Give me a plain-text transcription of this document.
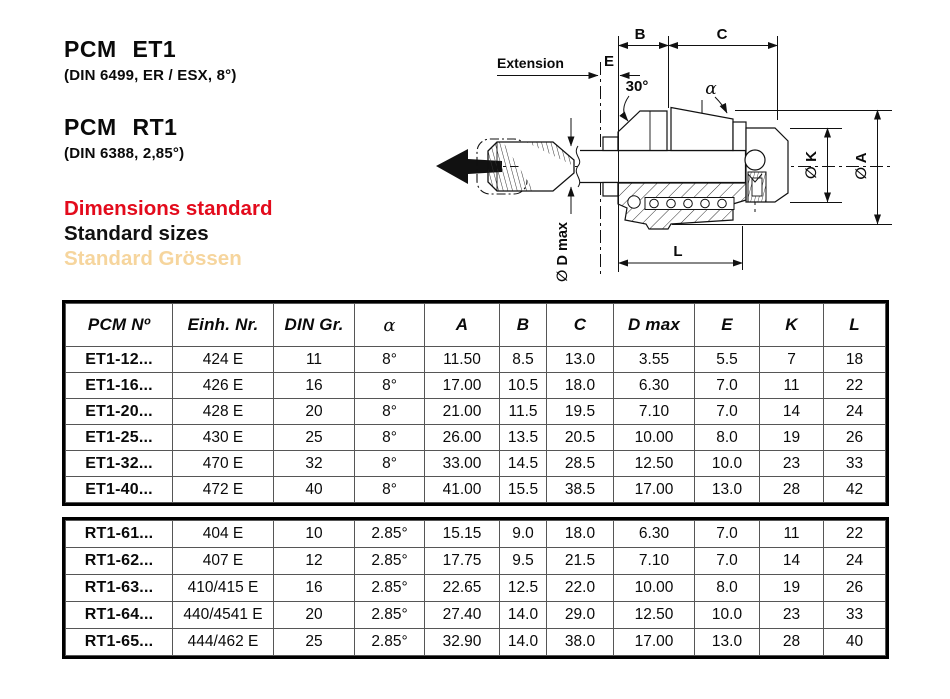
PCM ET1
(DIN 6499, ER / ESX, 8°)
PCM RT1
(DIN 6388, 2,85°)
Dimensions standard
Standard sizes
Standard Grössen
Extension	E
B	C
30°	α
∅ K ∅ A
∅ D max	L
PCM Nº	Einh. Nr.	DIN Gr.	α	A	B	C	D max	E	K	L
ET1-12...	424 E	11	8°	11.50	8.5	13.0	3.55	5.5	7	18
ET1-16...	426 E	16	8°	17.00	10.5	18.0	6.30	7.0	11	22
ET1-20...	428 E	20	8°	21.00	11.5	19.5	7.10	7.0	14	24
ET1-25...	430 E	25	8°	26.00	13.5	20.5	10.00	8.0	19	26
ET1-32...	470 E	32	8°	33.00	14.5	28.5	12.50	10.0	23	33
ET1-40...	472 E	40	8°	41.00	15.5	38.5	17.00	13.0	28	42
RT1-61...	404 E	10	2.85°	15.15	9.0	18.0	6.30	7.0	11	22
RT1-62...	407 E	12	2.85°	17.75	9.5	21.5	7.10	7.0	14	24
RT1-63...	410/415 E	16	2.85°	22.65	12.5	22.0	10.00	8.0	19	26
RT1-64...	440/4541 E	20	2.85°	27.40	14.0	29.0	12.50	10.0	23	33
RT1-65...	444/462 E	25	2.85°	32.90	14.0	38.0	17.00	13.0	28	40
